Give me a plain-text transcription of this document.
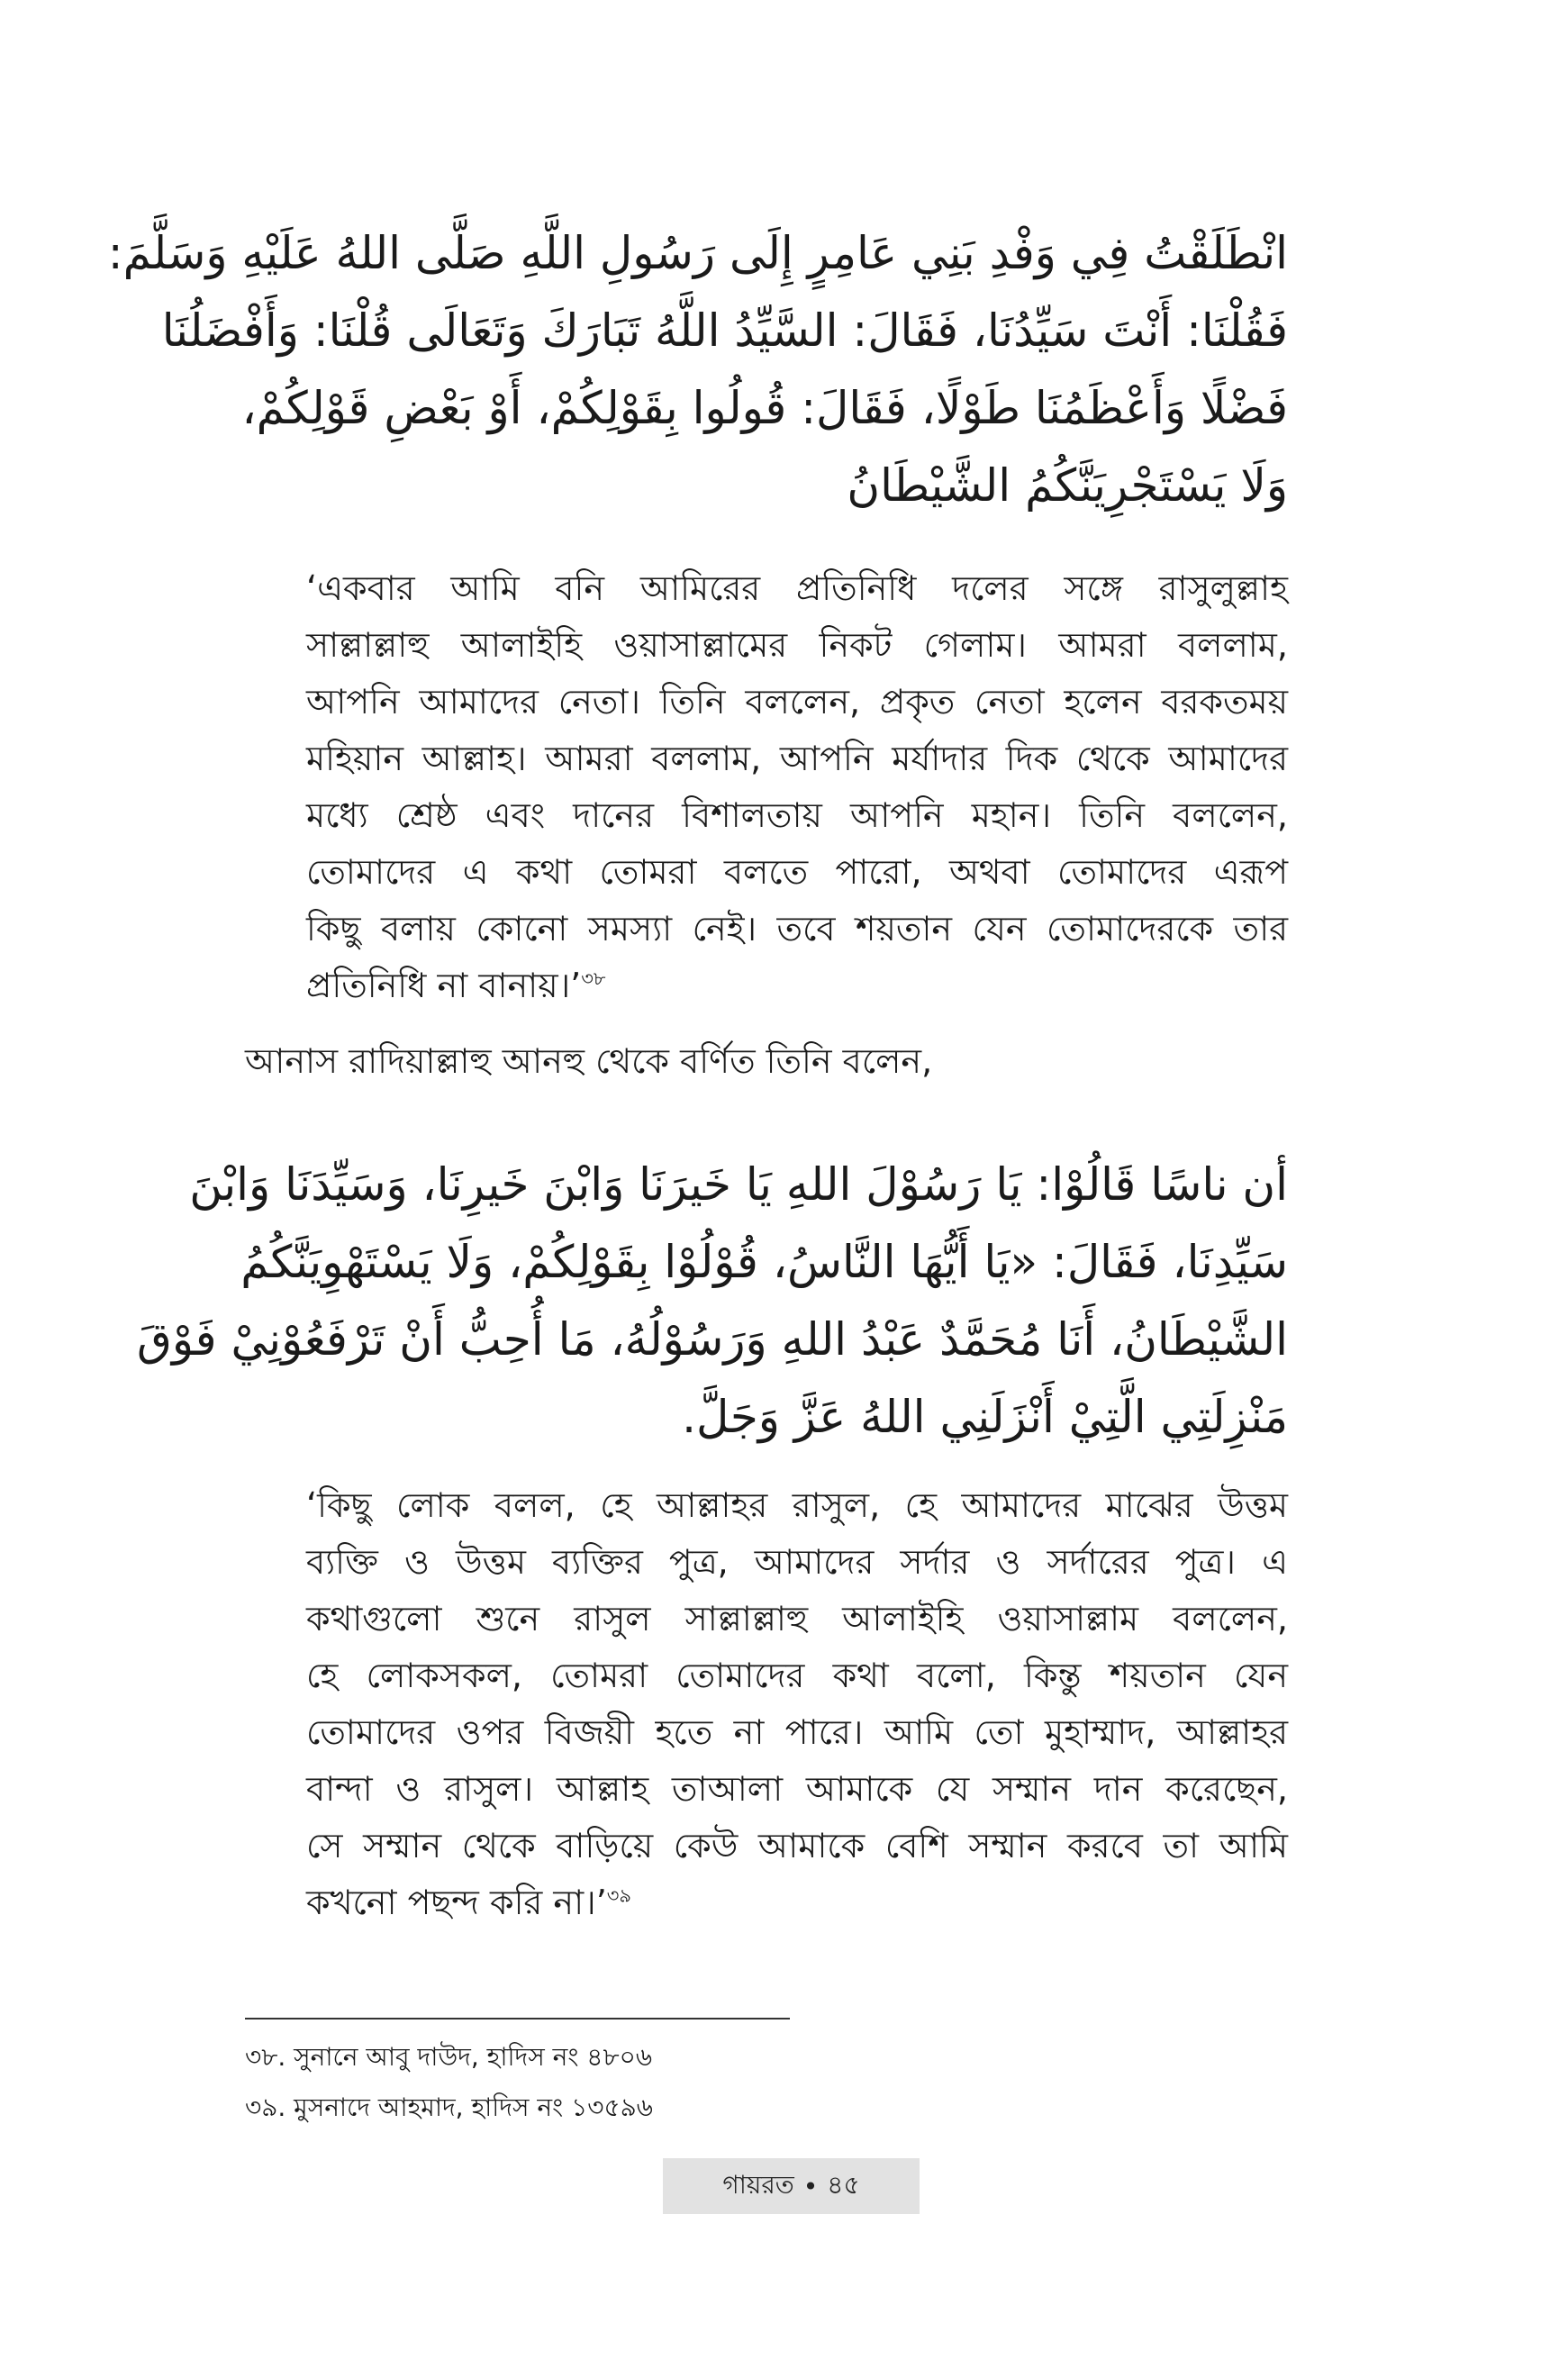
انْطَلَقْتُ فِي وَفْدِ بَنِي عَامِرٍ إِلَى رَسُولِ اللَّهِ صَلَّى اللهُ عَلَيْهِ وَسَلَّمَ:
فَقُلْنَا: أَنْتَ سَيِّدُنَا، فَقَالَ: السَّيِّدُ اللَّهُ تَبَارَكَ وَتَعَالَى قُلْنَا: وَأَفْضَلُنَا
فَضْلًا وَأَعْظَمُنَا طَوْلًا، فَقَالَ: قُولُوا بِقَوْلِكُمْ، أَوْ بَعْضِ قَوْلِكُمْ،
وَلَا يَسْتَجْرِيَنَّكُمُ الشَّيْطَانُ
‘একবার আমি বনি আমিরের প্রতিনিধি দলের সঙ্গে রাসুলুল্লাহ
সাল্লাল্লাহু আলাইহি ওয়াসাল্লামের নিকট গেলাম। আমরা বললাম,
আপনি আমাদের নেতা। তিনি বললেন, প্রকৃত নেতা হলেন বরকতময়
মহিয়ান আল্লাহ। আমরা বললাম, আপনি মর্যাদার দিক থেকে আমাদের
মধ্যে শ্রেষ্ঠ এবং দানের বিশালতায় আপনি মহান। তিনি বললেন,
তোমাদের এ কথা তোমরা বলতে পারো, অথবা তোমাদের এরূপ
কিছু বলায় কোনো সমস্যা নেই। তবে শয়তান যেন তোমাদেরকে তার
প্রতিনিধি না বানায়।’$^{৩৮}$
আনাস রাদিয়াল্লাহু আনহু থেকে বর্ণিত তিনি বলেন,
أن ناسًا قَالُوْا: يَا رَسُوْلَ اللهِ يَا خَيرَنَا وَابْنَ خَيرِنَا، وَسَيِّدَنَا وَابْنَ
سَيِّدِنَا، فَقَالَ: «يَا أَيُّهَا النَّاسُ، قُوْلُوْا بِقَوْلِكُمْ، وَلَا يَسْتَهْوِيَنَّكُمُ
الشَّيْطَانُ، أَنَا مُحَمَّدٌ عَبْدُ اللهِ وَرَسُوْلُهُ، مَا أُحِبُّ أَنْ تَرْفَعُوْنِيْ فَوْقَ
مَنْزِلَتِي الَّتِيْ أَنْزَلَنِي اللهُ عَزَّ وَجَلَّ.
‘কিছু লোক বলল, হে আল্লাহর রাসুল, হে আমাদের মাঝের উত্তম
ব্যক্তি ও উত্তম ব্যক্তির পুত্র, আমাদের সর্দার ও সর্দারের পুত্র। এ
কথাগুলো শুনে রাসুল সাল্লাল্লাহু আলাইহি ওয়াসাল্লাম বললেন,
হে লোকসকল, তোমরা তোমাদের কথা বলো, কিন্তু শয়তান যেন
তোমাদের ওপর বিজয়ী হতে না পারে। আমি তো মুহাম্মাদ, আল্লাহর
বান্দা ও রাসুল। আল্লাহ তাআলা আমাকে যে সম্মান দান করেছেন,
সে সম্মান থেকে বাড়িয়ে কেউ আমাকে বেশি সম্মান করবে তা আমি
কখনো পছন্দ করি না।’$^{৩৯}$
৩৮. সুনানে আবু দাউদ, হাদিস নং ৪৮০৬
৩৯. মুসনাদে আহমাদ, হাদিস নং ১৩৫৯৬
গায়রত • ৪৫
